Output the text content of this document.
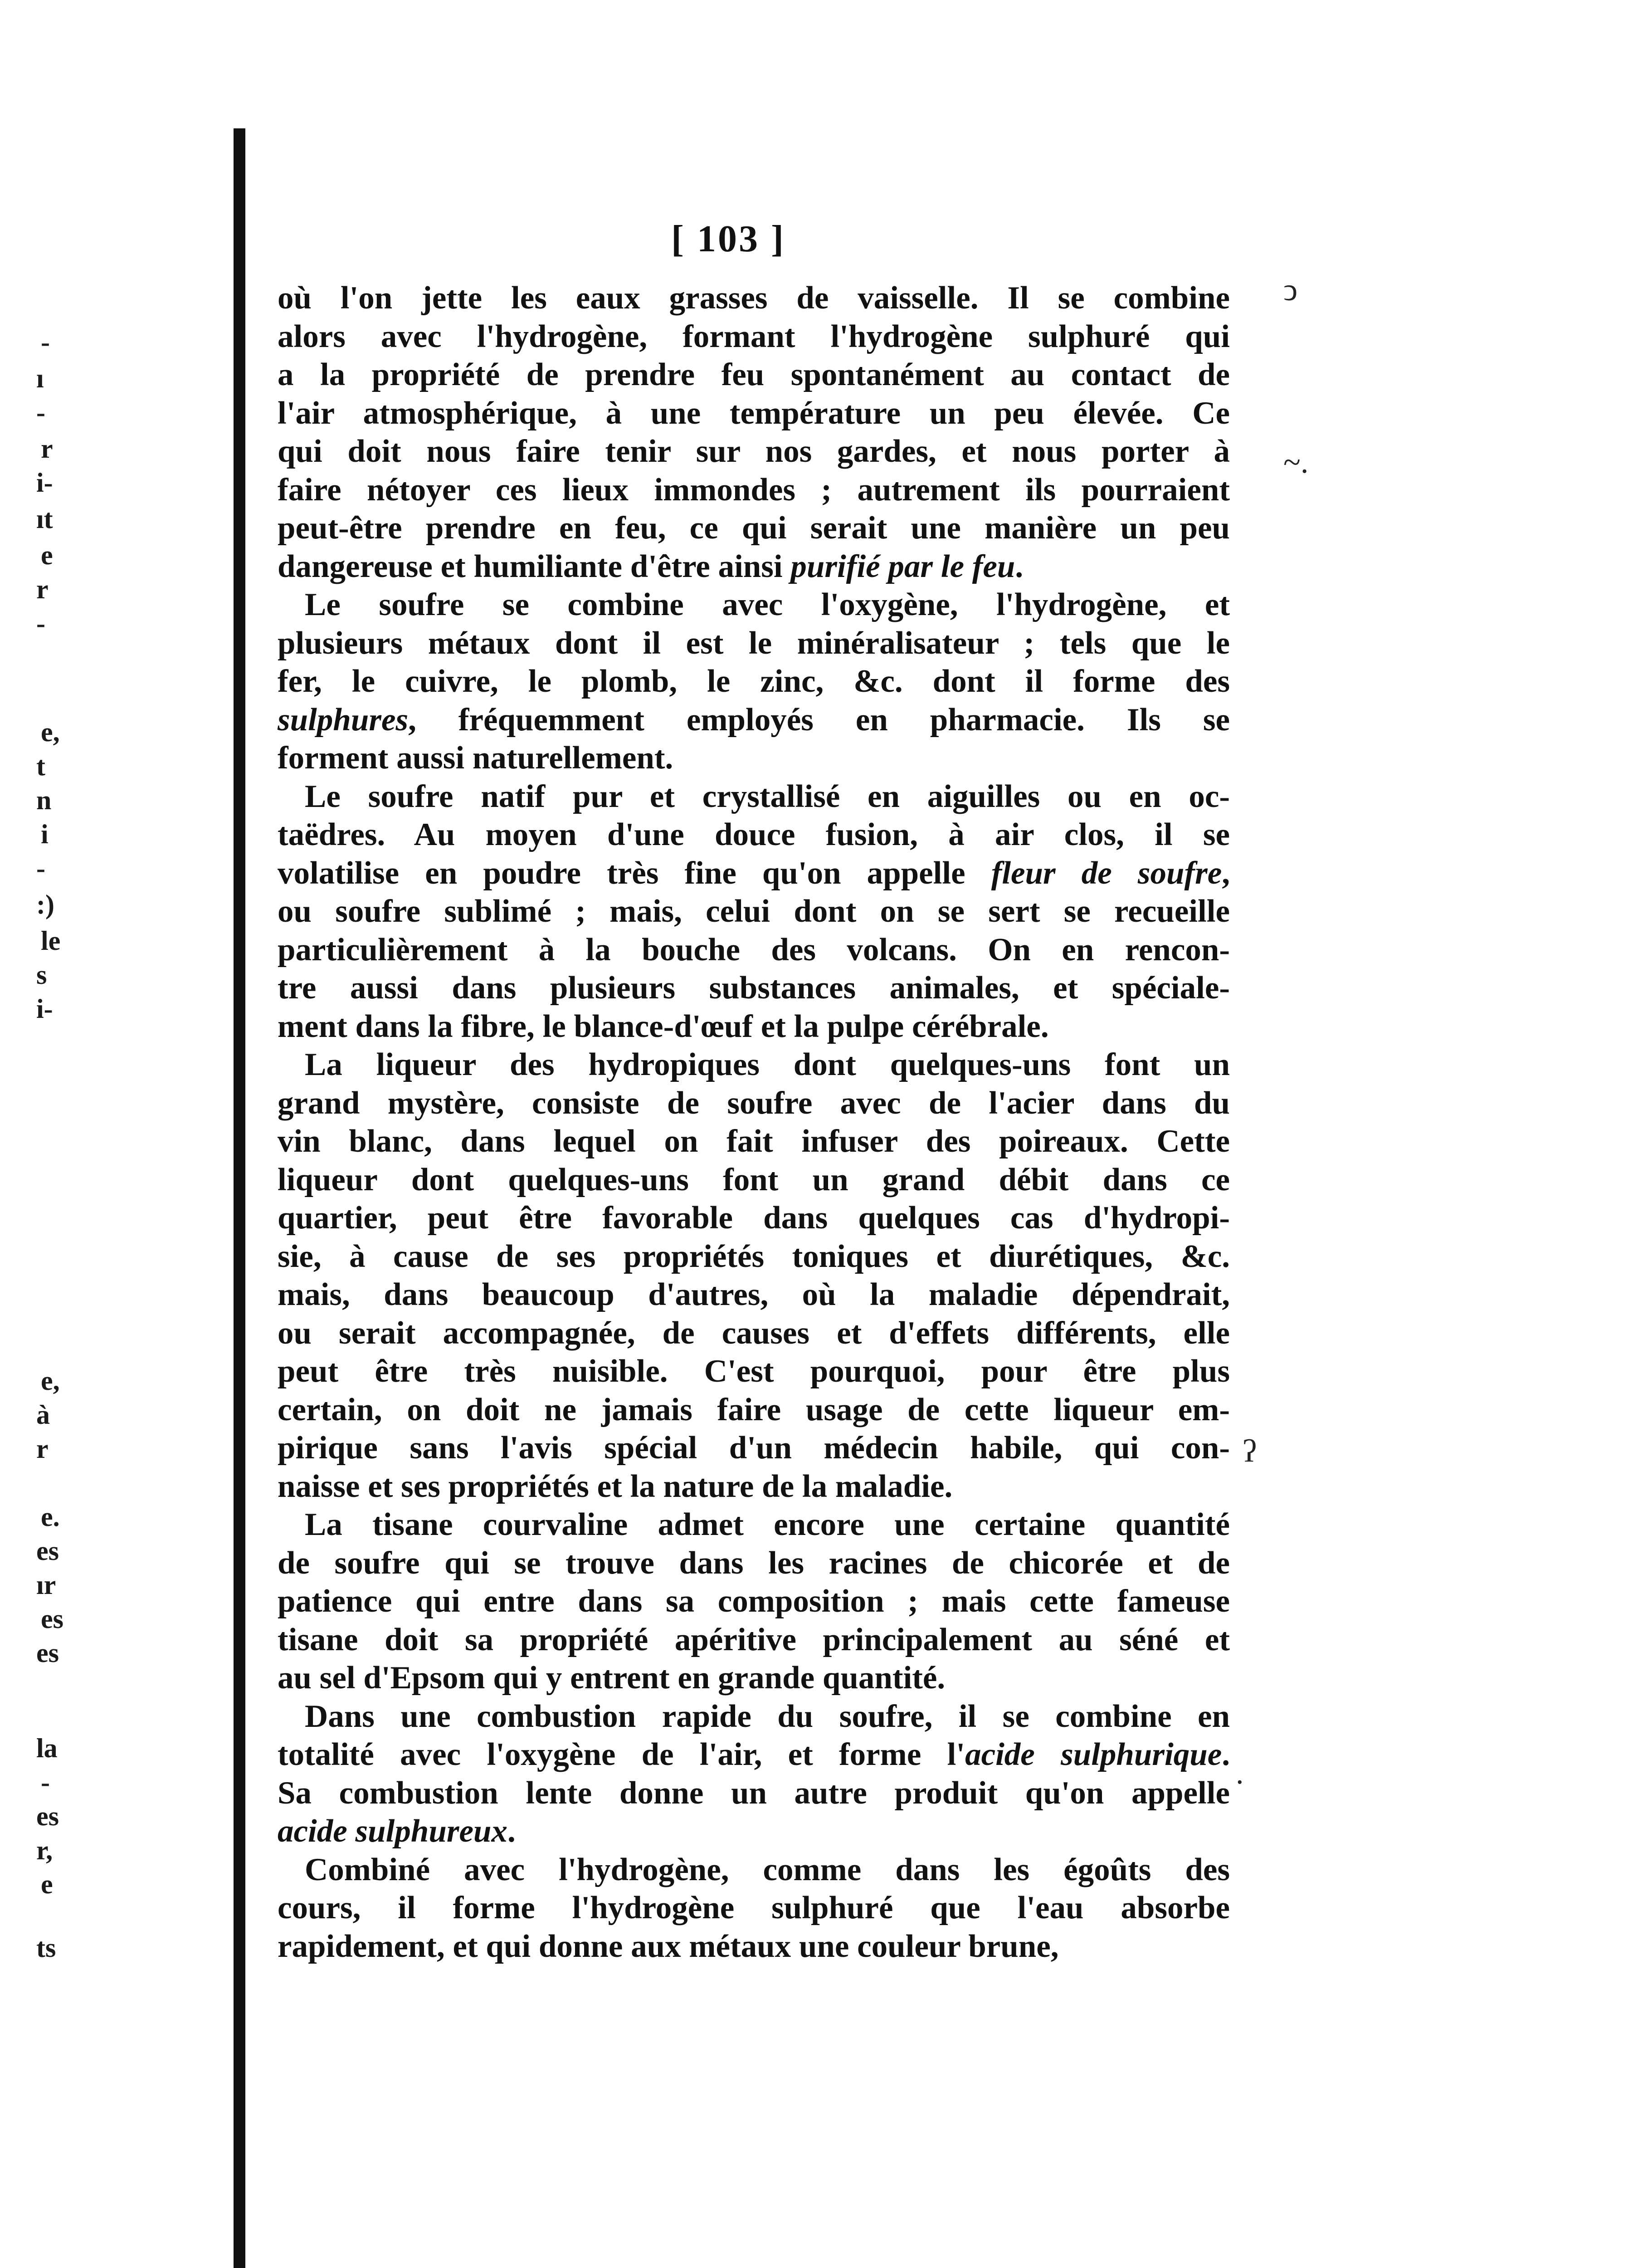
-
ı
-
r
i-
ıt
e
r
-
e,
t
n
i
-
:)
le
s
i-
e,
à
r
e.
es
ır
es
es
la
-
es
r,
e
ts
[ 103 ]

où l'on jette les eaux grasses de vaisselle. Il se combine
alors avec l'hydrogène, formant l'hydrogène sulphuré qui
a la propriété de prendre feu spontanément au contact de
l'air atmosphérique, à une température un peu élevée. Ce
qui doit nous faire tenir sur nos gardes, et nous porter à
faire nétoyer ces lieux immondes ; autrement ils pourraient
peut-être prendre en feu, ce qui serait une manière un peu
dangereuse et humiliante d'être ainsi purifié par le feu.

Le soufre se combine avec l'oxygène, l'hydrogène, et
plusieurs métaux dont il est le minéralisateur ; tels que le
fer, le cuivre, le plomb, le zinc, &c. dont il forme des
sulphures, fréquemment employés en pharmacie. Ils se
forment aussi naturellement.

Le soufre natif pur et crystallisé en aiguilles ou en oc-
taëdres. Au moyen d'une douce fusion, à air clos, il se
volatilise en poudre très fine qu'on appelle fleur de soufre,
ou soufre sublimé ; mais, celui dont on se sert se recueille
particulièrement à la bouche des volcans. On en rencon-
tre aussi dans plusieurs substances animales, et spéciale-
ment dans la fibre, le blance-d'œuf et la pulpe cérébrale.

La liqueur des hydropiques dont quelques-uns font un
grand mystère, consiste de soufre avec de l'acier dans du
vin blanc, dans lequel on fait infuser des poireaux. Cette
liqueur dont quelques-uns font un grand débit dans ce
quartier, peut être favorable dans quelques cas d'hydropi-
sie, à cause de ses propriétés toniques et diurétiques, &c.
mais, dans beaucoup d'autres, où la maladie dépendrait,
ou serait accompagnée, de causes et d'effets différents, elle
peut être très nuisible. C'est pourquoi, pour être plus
certain, on doit ne jamais faire usage de cette liqueur em-
pirique sans l'avis spécial d'un médecin habile, qui con-
naisse et ses propriétés et la nature de la maladie.

La tisane courvaline admet encore une certaine quantité
de soufre qui se trouve dans les racines de chicorée et de
patience qui entre dans sa composition ; mais cette fameuse
tisane doit sa propriété apéritive principalement au séné et
au sel d'Epsom qui y entrent en grande quantité.

Dans une combustion rapide du soufre, il se combine en
totalité avec l'oxygène de l'air, et forme l'acide sulphurique.
Sa combustion lente donne un autre produit qu'on appelle
acide sulphureux.

Combiné avec l'hydrogène, comme dans les égoûts des
cours, il forme l'hydrogène sulphuré que l'eau absorbe
rapidement, et qui donne aux métaux une couleur brune,

ↄ
~.
ʔ
.
